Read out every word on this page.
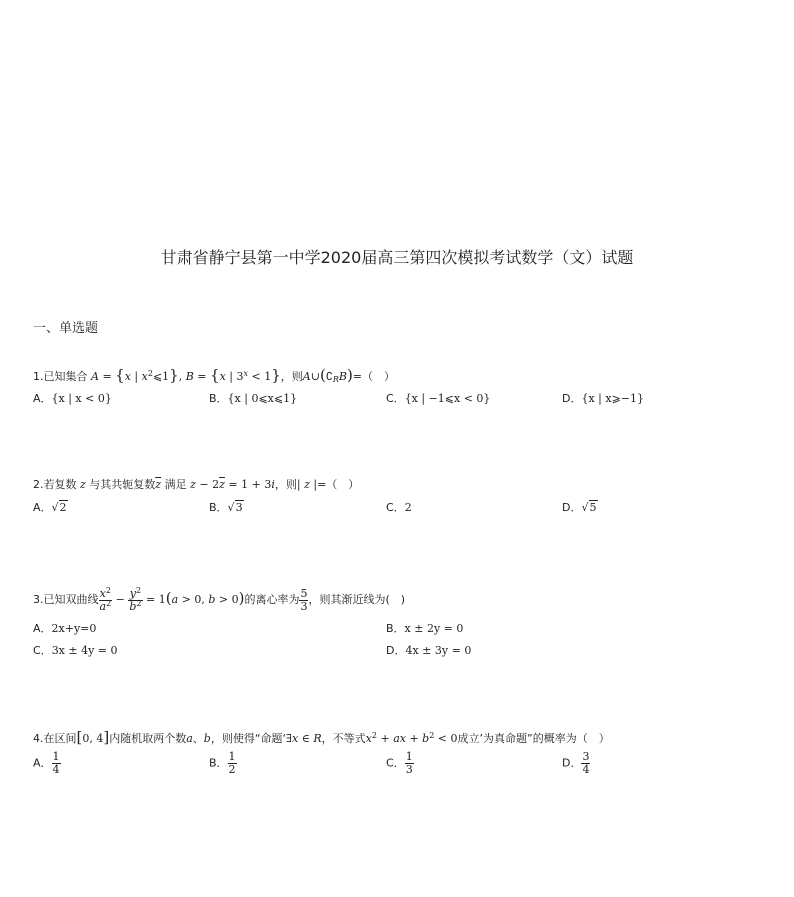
甘肃省静宁县第一中学2020届高三第四次模拟考试数学（文）试题
一、单选题
1.已知集合 A = {x | $x^2⩽1$}, B = {x | $3^x < 1$}，则$A\cup(∁_RB)=$（　）
A．{x | x < 0}	B．{x | 0⩽x⩽1}	C．{x | −1⩽x < 0}	D．{x | x⩾−1}
2.若复数 z 与其共轭复数$\overline{z}$ 满足 $z - 2\overline{z} = 1 + 3i$，则| z |=（　）
A．√2	B．√3	C．2	D．√5
3.已知双曲线 $\frac{x^2}{a^2} - \frac{y^2}{b^2} = 1(a > 0$, b > 0)的离心率为 $\frac{5}{3}$ ，则其渐近线为(　)
A．2x+y=0	B．x ± 2y = 0
C．3x ± 4y = 0	D．4x ± 3y = 0
4.在区间[0, 4]内随机取两个数a、b，则使得“命题‘∃x ∈ R，不等式$x^2$ + ax + $b^2 < 0$成立’为真命题”的概率为（　）
A． $\frac{1}{4}$	B． $\frac{1}{2}$	C． $\frac{1}{3}$	D． $\frac{3}{4}$
